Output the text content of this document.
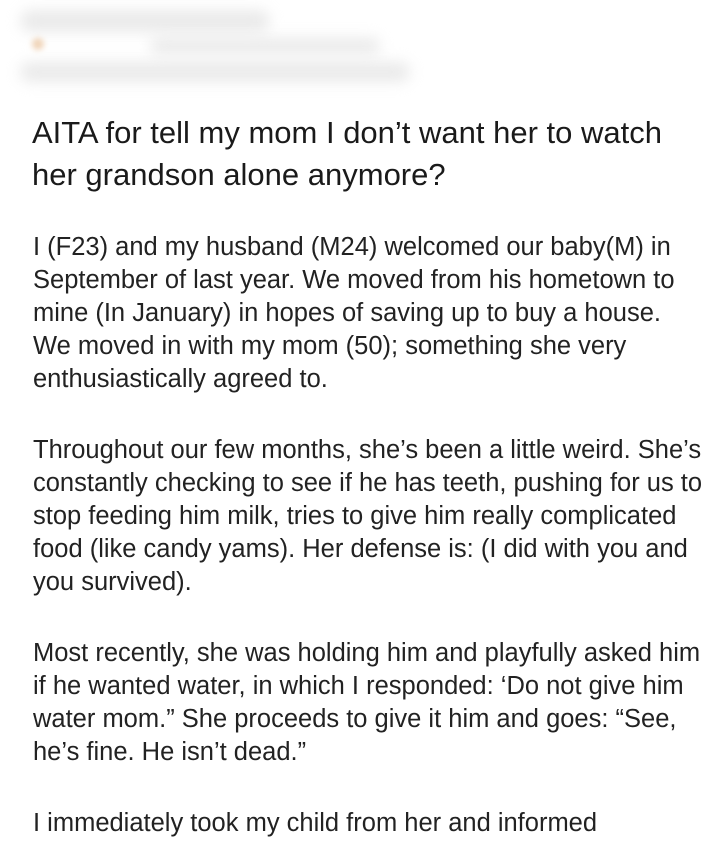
AITA for tell my mom I don’t want her to watch her grandson alone anymore?

I (F23) and my husband (M24) welcomed our baby(M) in September of last year. We moved from his hometown to mine (In January) in hopes of saving up to buy a house. We moved in with my mom (50); something she very enthusiastically agreed to.

Throughout our few months, she’s been a little weird. She’s constantly checking to see if he has teeth, pushing for us to stop feeding him milk, tries to give him really complicated food (like candy yams). Her defense is: (I did with you and you survived).

Most recently, she was holding him and playfully asked him if he wanted water, in which I responded: ‘Do not give him water mom.” She proceeds to give it him and goes: “See, he’s fine. He isn’t dead.”

I immediately took my child from her and informed
